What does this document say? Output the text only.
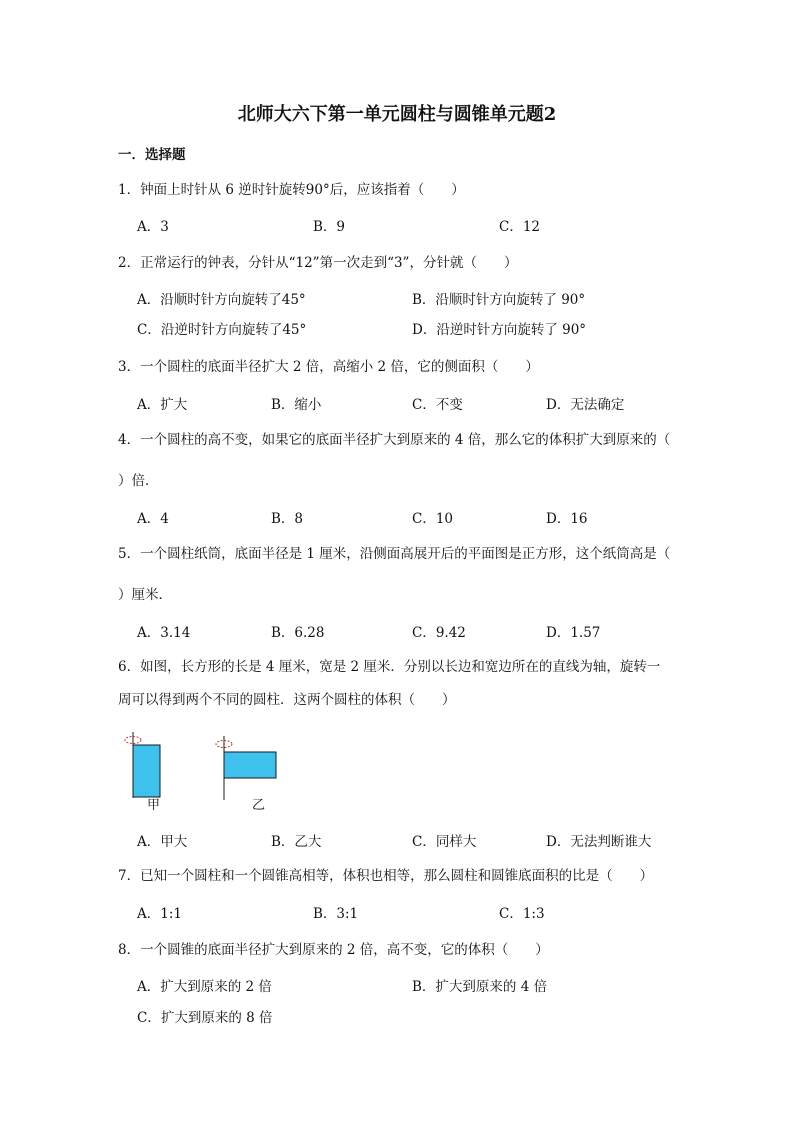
北师大六下第一单元圆柱与圆锥单元题2
一．选择题
1．钟面上时针从 6 逆时针旋转90°后，应该指着（　　）
A．3	B．9	C．12
2．正常运行的钟表，分针从“12”第一次走到“3”，分针就（　　）
A．沿顺时针方向旋转了45°	B．沿顺时针方向旋转了 90°
C．沿逆时针方向旋转了45°	D．沿逆时针方向旋转了 90°
3．一个圆柱的底面半径扩大 2 倍，高缩小 2 倍，它的侧面积（　　）
A．扩大	B．缩小	C．不变	D．无法确定
4．一个圆柱的高不变，如果它的底面半径扩大到原来的 4 倍，那么它的体积扩大到原来的（
）倍．
A．4	B．8	C．10	D．16
5．一个圆柱纸筒，底面半径是 1 厘米，沿侧面高展开后的平面图是正方形，这个纸筒高是（
）厘米．
A．3.14	B．6.28	C．9.42	D．1.57
6．如图，长方形的长是 4 厘米，宽是 2 厘米．分别以长边和宽边所在的直线为轴，旋转一
周可以得到两个不同的圆柱．这两个圆柱的体积（　　）
甲	乙
A．甲大	B．乙大	C．同样大	D．无法判断谁大
7．已知一个圆柱和一个圆锥高相等，体积也相等，那么圆柱和圆锥底面积的比是（　　）
A．1:1	B．3:1	C．1:3
8．一个圆锥的底面半径扩大到原来的 2 倍，高不变，它的体积（　　）
A．扩大到原来的 2 倍	B．扩大到原来的 4 倍
C．扩大到原来的 8 倍
